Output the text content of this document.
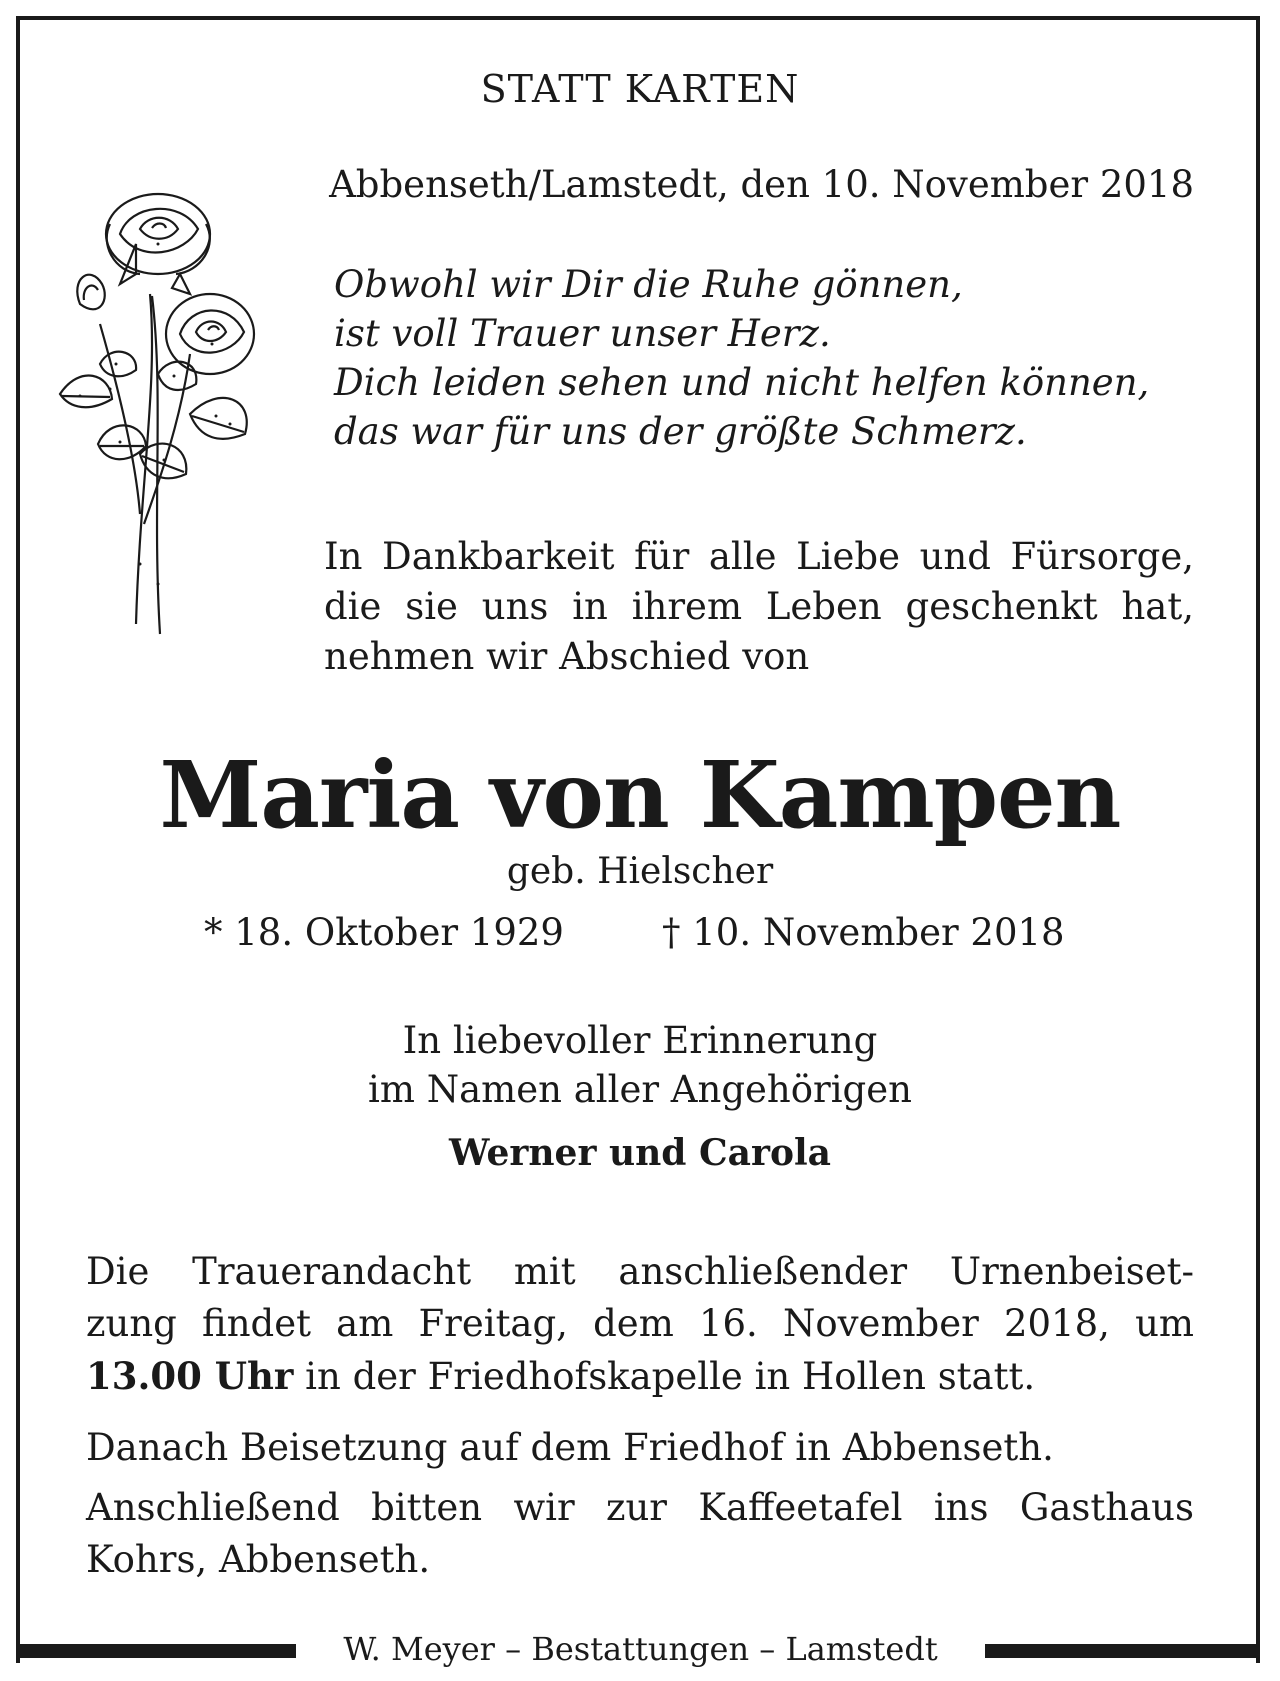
W. Meyer – Bestattungen – Lamstedt
STATT KARTEN
Abbenseth/Lamstedt, den 10. November 2018
Obwohl wir Dir die Ruhe gönnen,
ist voll Trauer unser Herz.
Dich leiden sehen und nicht helfen können,
das war für uns der größte Schmerz.
In Dankbarkeit für alle Liebe und Fürsorge,
die sie uns in ihrem Leben geschenkt hat,
nehmen wir Abschied von
Maria von Kampen
geb. Hielscher
* 18. Oktober 1929	† 10. November 2018
In liebevoller Erinnerung
im Namen aller Angehörigen
Werner und Carola
Die Trauerandacht mit anschließender Urnenbeiset-
zung findet am Freitag, dem 16. November 2018, um
13.00 Uhr in der Friedhofskapelle in Hollen statt.
Danach Beisetzung auf dem Friedhof in Abbenseth.
Anschließend bitten wir zur Kaffeetafel ins Gasthaus
Kohrs, Abbenseth.
